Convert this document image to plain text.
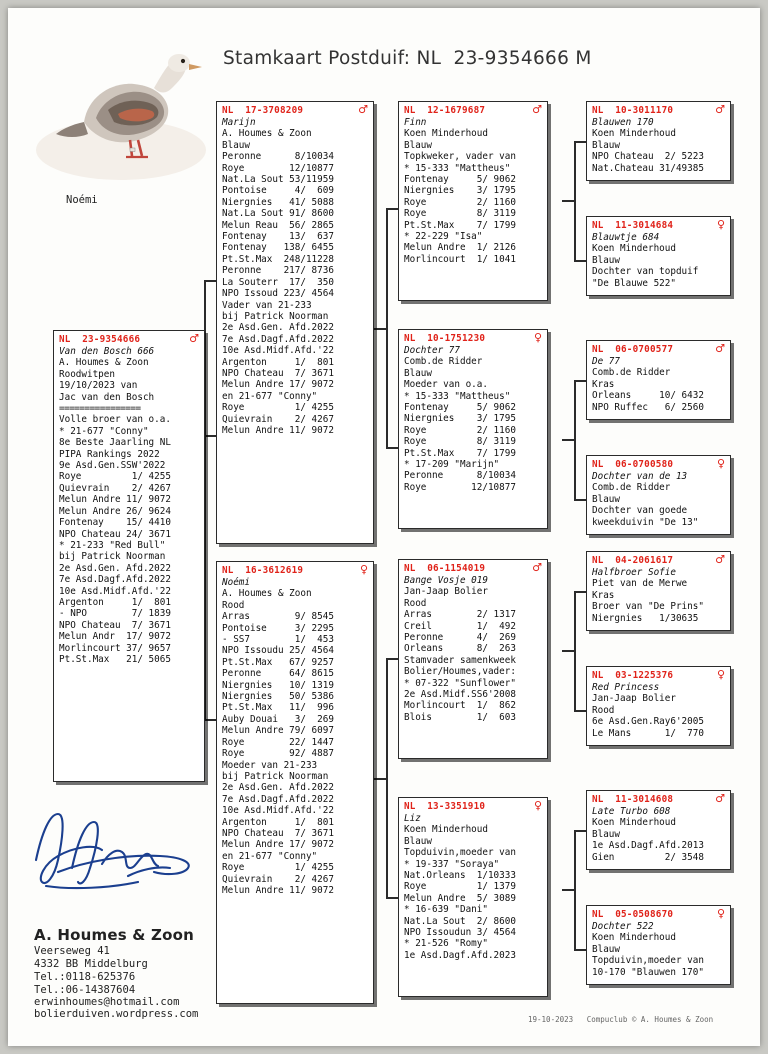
Stamkaart Postduif: NL  23-9354666 M
Noémi
NL  23-9354666	♂
Van den Bosch 666
A. Houmes & Zoon
Roodwitpen
19/10/2023 van
Jac van den Bosch
================
Volle broer van o.a.
* 21-677 "Conny"
8e Beste Jaarling NL
PIPA Rankings 2022
9e Asd.Gen.SSW'2022
Roye         1/ 4255
Quievrain    2/ 4267
Melun Andre 11/ 9072
Melun Andre 26/ 9624
Fontenay    15/ 4410
NPO Chateau 24/ 3671
* 21-233 "Red Bull"
bij Patrick Noorman
2e Asd.Gen. Afd.2022
7e Asd.Dagf.Afd.2022
10e Asd.Midf.Afd.'22
Argenton     1/  801
- NPO        7/ 1839
NPO Chateau  7/ 3671
Melun Andr  17/ 9072
Morlincourt 37/ 9657
Pt.St.Max   21/ 5065
NL  17-3708209	♂
Marijn
A. Houmes & Zoon
Blauw
Peronne      8/10034
Roye        12/10877
Nat.La Sout 53/11959
Pontoise     4/  609
Niergnies   41/ 5088
Nat.La Sout 91/ 8600
Melun Reau  56/ 2865
Fontenay    13/  637
Fontenay   138/ 6455
Pt.St.Max  248/11228
Peronne    217/ 8736
La Souterr  17/  350
NPO Issoud 223/ 4564
Vader van 21-233
bij Patrick Noorman
2e Asd.Gen. Afd.2022
7e Asd.Dagf.Afd.2022
10e Asd.Midf.Afd.'22
Argenton     1/  801
NPO Chateau  7/ 3671
Melun Andre 17/ 9072
en 21-677 "Conny"
Roye         1/ 4255
Quievrain    2/ 4267
Melun Andre 11/ 9072
NL  16-3612619	♀
Noémi
A. Houmes & Zoon
Rood
Arras        9/ 8545
Pontoise     3/ 2295
- SS7        1/  453
NPO Issoudu 25/ 4564
Pt.St.Max   67/ 9257
Peronne     64/ 8615
Niergnies   10/ 1319
Niergnies   50/ 5386
Pt.St.Max   11/  996
Auby Douai   3/  269
Melun Andre 79/ 6097
Roye        22/ 1447
Roye        92/ 4887
Moeder van 21-233
bij Patrick Noorman
2e Asd.Gen. Afd.2022
7e Asd.Dagf.Afd.2022
10e Asd.Midf.Afd.'22
Argenton     1/  801
NPO Chateau  7/ 3671
Melun Andre 17/ 9072
en 21-677 "Conny"
Roye         1/ 4255
Quievrain    2/ 4267
Melun Andre 11/ 9072
NL  12-1679687	♂
Finn
Koen Minderhoud
Blauw
Topkweker, vader van
* 15-333 "Mattheus"
Fontenay     5/ 9062
Niergnies    3/ 1795
Roye         2/ 1160
Roye         8/ 3119
Pt.St.Max    7/ 1799
* 22-229 "Isa"
Melun Andre  1/ 2126
Morlincourt  1/ 1041
NL  10-1751230	♀
Dochter 77
Comb.de Ridder
Blauw
Moeder van o.a.
* 15-333 "Mattheus"
Fontenay     5/ 9062
Niergnies    3/ 1795
Roye         2/ 1160
Roye         8/ 3119
Pt.St.Max    7/ 1799
* 17-209 "Marijn"
Peronne      8/10034
Roye        12/10877
NL  06-1154019	♂
Bange Vosje 019
Jan-Jaap Bolier
Rood
Arras        2/ 1317
Creil        1/  492
Peronne      4/  269
Orleans      8/  263
Stamvader samenkweek
Bolier/Houmes,vader:
* 07-322 "Sunflower"
2e Asd.Midf.SS6'2008
Morlincourt  1/  862
Blois        1/  603
NL  13-3351910	♀
Liz
Koen Minderhoud
Blauw
Topduivin,moeder van
* 19-337 "Soraya"
Nat.Orleans  1/10333
Roye         1/ 1379
Melun Andre  5/ 3089
* 16-639 "Dani"
Nat.La Sout  2/ 8600
NPO Issoudun 3/ 4564
* 21-526 "Romy"
1e Asd.Dagf.Afd.2023
NL  10-3011170	♂
Blauwen 170
Koen Minderhoud
Blauw
NPO Chateau  2/ 5223
Nat.Chateau 31/49385
NL  11-3014684	♀
Blauwtje 684
Koen Minderhoud
Blauw
Dochter van topduif
"De Blauwe 522"
NL  06-0700577	♂
De 77
Comb.de Ridder
Kras
Orleans     10/ 6432
NPO Ruffec   6/ 2560
NL  06-0700580	♀
Dochter van de 13
Comb.de Ridder
Blauw
Dochter van goede
kweekduivin "De 13"
NL  04-2061617	♂
Halfbroer Sofie
Piet van de Merwe
Kras
Broer van "De Prins"
Niergnies   1/30635
NL  03-1225376	♀
Red Princess
Jan-Jaap Bolier
Rood
6e Asd.Gen.Ray6'2005
Le Mans      1/  770
NL  11-3014608	♂
Late Turbo 608
Koen Minderhoud
Blauw
1e Asd.Dagf.Afd.2013
Gien         2/ 3548
NL  05-0508670	♀
Dochter 522
Koen Minderhoud
Blauw
Topduivin,moeder van
10-170 "Blauwen 170"
A. Houmes & Zoon
Veerseweg 41
4332 BB Middelburg
Tel.:0118-625376
Tel.:06-14387604
erwinhoumes@hotmail.com
bolierduiven.wordpress.com	19-10-2023   Compuclub © A. Houmes & Zoon
